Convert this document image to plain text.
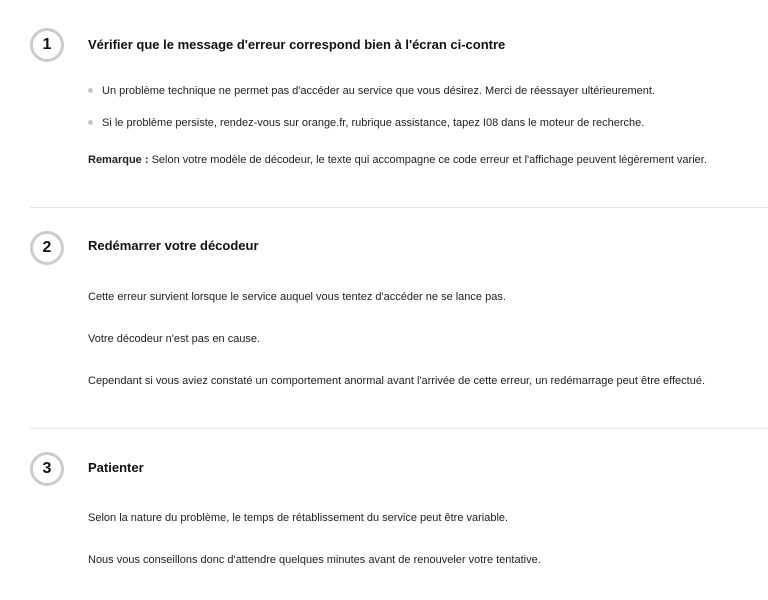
1	Vérifier que le message d'erreur correspond bien à l'écran ci-contre
Un problème technique ne permet pas d'accéder au service que vous désirez. Merci de réessayer ultérieurement.
Si le problème persiste, rendez-vous sur orange.fr, rubrique assistance, tapez I08 dans le moteur de recherche.
Remarque : Selon votre modèle de décodeur, le texte qui accompagne ce code erreur et l'affichage peuvent légèrement varier.
2	Redémarrer votre décodeur
Cette erreur survient lorsque le service auquel vous tentez d'accéder ne se lance pas.
Votre décodeur n'est pas en cause.
Cependant si vous aviez constaté un comportement anormal avant l'arrivée de cette erreur, un redémarrage peut être effectué.
3	Patienter
Selon la nature du problème, le temps de rétablissement du service peut être variable.
Nous vous conseillons donc d'attendre quelques minutes avant de renouveler votre tentative.
